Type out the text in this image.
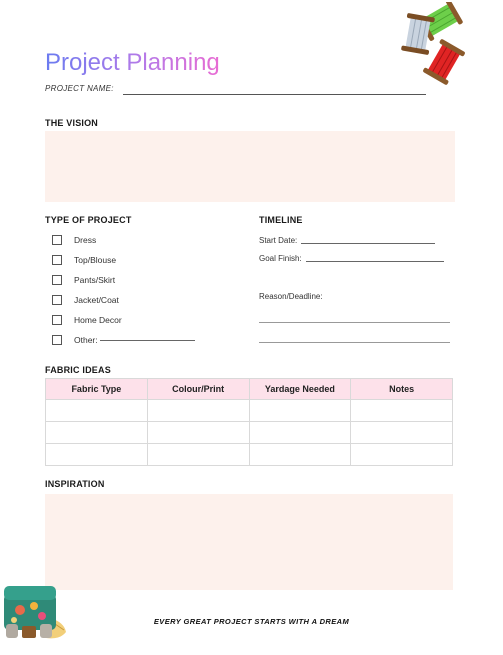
Project Planning
PROJECT NAME:
THE VISION
TYPE OF PROJECT
Dress
Top/Blouse
Pants/Skirt
Jacket/Coat
Home Decor
Other:
TIMELINE
Start Date:
Goal Finish:
Reason/Deadline:
FABRIC IDEAS
Fabric Type	Colour/Print	Yardage Needed	Notes

INSPIRATION
EVERY GREAT PROJECT STARTS WITH A DREAM
